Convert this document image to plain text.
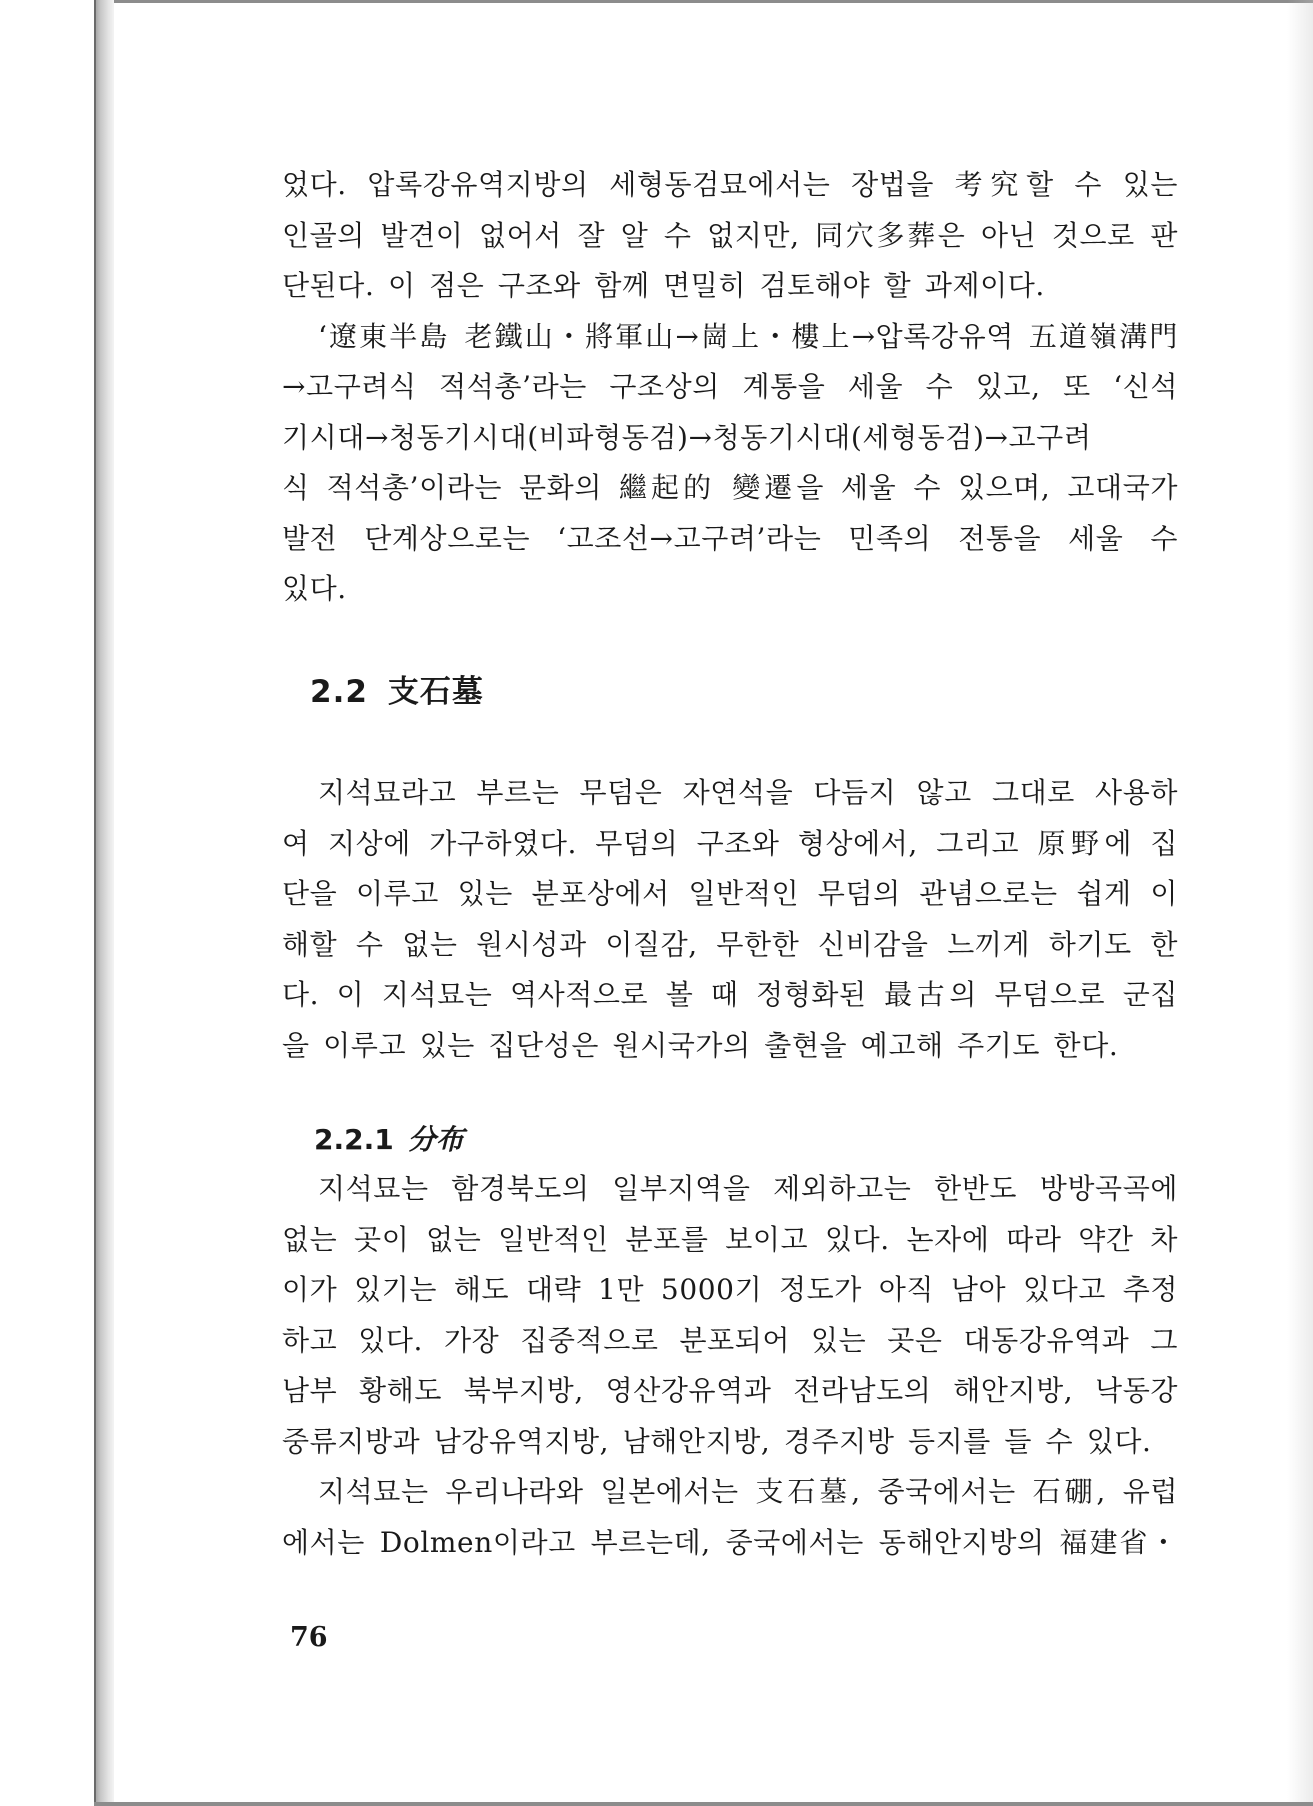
었다. 압록강유역지방의 세형동검묘에서는 장법을 考究할 수 있는
인골의 발견이 없어서 잘 알 수 없지만, 同穴多葬은 아닌 것으로 판
단된다. 이 점은 구조와 함께 면밀히 검토해야 할 과제이다.
‘遼東半島 老鐵山・將軍山→崗上・樓上→압록강유역 五道嶺溝門
→고구려식 적석총’라는 구조상의 계통을 세울 수 있고, 또 ‘신석
기시대→청동기시대(비파형동검)→청동기시대(세형동검)→고구려
식 적석총’이라는 문화의 繼起的 變遷을 세울 수 있으며, 고대국가
발전 단계상으로는 ‘고조선→고구려’라는 민족의 전통을 세울 수
있다.
2.2 支石墓
지석묘라고 부르는 무덤은 자연석을 다듬지 않고 그대로 사용하
여 지상에 가구하였다. 무덤의 구조와 형상에서, 그리고 原野에 집
단을 이루고 있는 분포상에서 일반적인 무덤의 관념으로는 쉽게 이
해할 수 없는 원시성과 이질감, 무한한 신비감을 느끼게 하기도 한
다. 이 지석묘는 역사적으로 볼 때 정형화된 最古의 무덤으로 군집
을 이루고 있는 집단성은 원시국가의 출현을 예고해 주기도 한다.
2.2.1 分布
지석묘는 함경북도의 일부지역을 제외하고는 한반도 방방곡곡에
없는 곳이 없는 일반적인 분포를 보이고 있다. 논자에 따라 약간 차
이가 있기는 해도 대략 1만 5000기 정도가 아직 남아 있다고 추정
하고 있다. 가장 집중적으로 분포되어 있는 곳은 대동강유역과 그
남부 황해도 북부지방, 영산강유역과 전라남도의 해안지방, 낙동강
중류지방과 남강유역지방, 남해안지방, 경주지방 등지를 들 수 있다.
지석묘는 우리나라와 일본에서는 支石墓, 중국에서는 石硼, 유럽
에서는 Dolmen이라고 부르는데, 중국에서는 동해안지방의 福建省・
76
